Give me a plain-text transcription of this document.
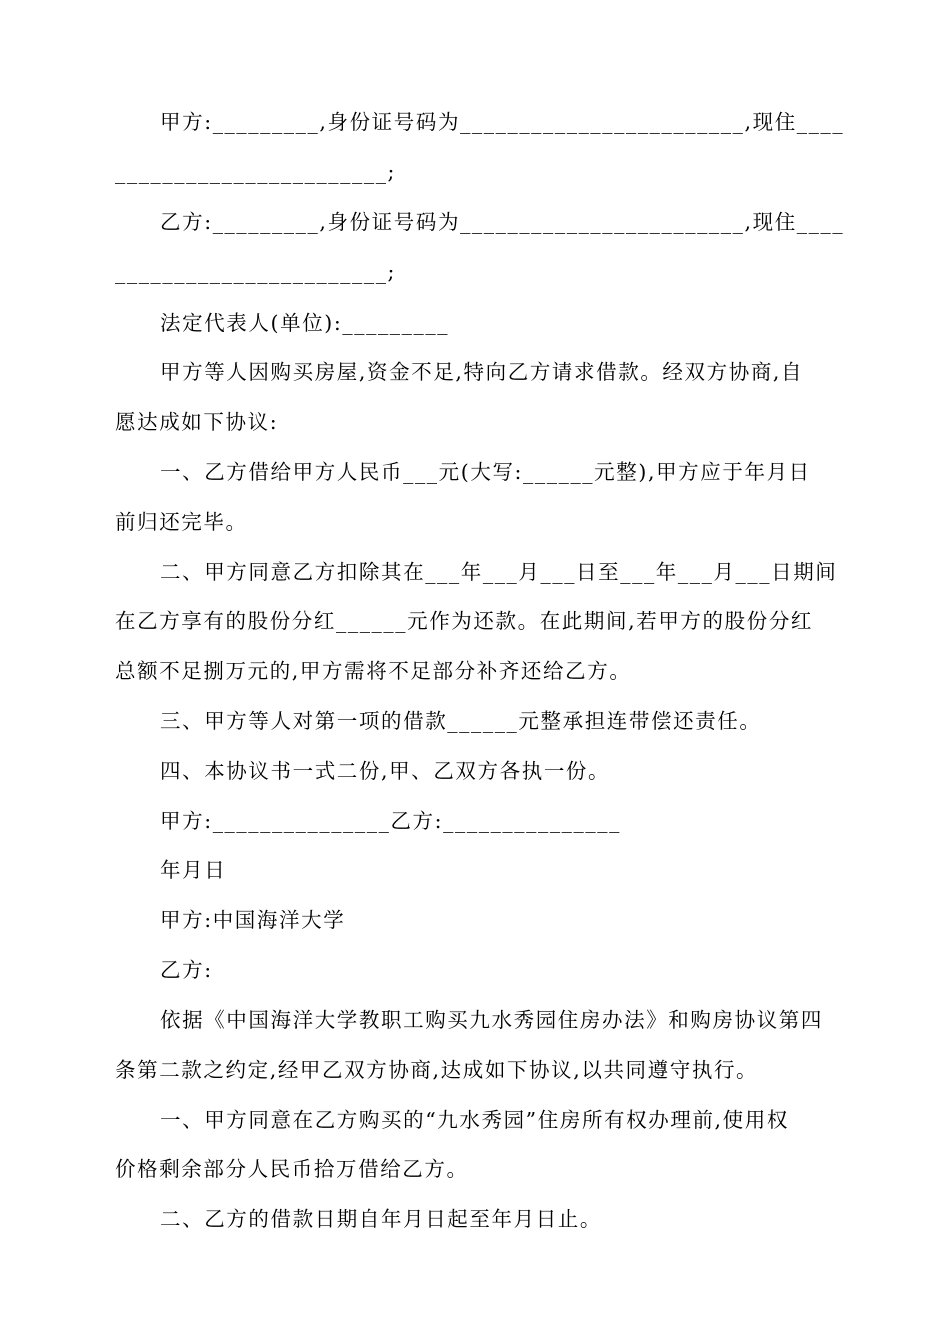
甲方:_________,身份证号码为________________________,现住____
_______________________;
乙方:_________,身份证号码为________________________,现住____
_______________________;
法定代表人(单位):_________
甲方等人因购买房屋,资金不足,特向乙方请求借款。经双方协商,自
愿达成如下协议:
一、乙方借给甲方人民币___元(大写:______元整),甲方应于年月日
前归还完毕。
二、甲方同意乙方扣除其在___年___月___日至___年___月___日期间
在乙方享有的股份分红______元作为还款。在此期间,若甲方的股份分红
总额不足捌万元的,甲方需将不足部分补齐还给乙方。
三、甲方等人对第一项的借款______元整承担连带偿还责任。
四、本协议书一式二份,甲、乙双方各执一份。
甲方:_______________乙方:_______________
年月日
甲方:中国海洋大学
乙方:
依据《中国海洋大学教职工购买九水秀园住房办法》和购房协议第四
条第二款之约定,经甲乙双方协商,达成如下协议,以共同遵守执行。
一、甲方同意在乙方购买的“九水秀园”住房所有权办理前,使用权
价格剩余部分人民币拾万借给乙方。
二、乙方的借款日期自年月日起至年月日止。
